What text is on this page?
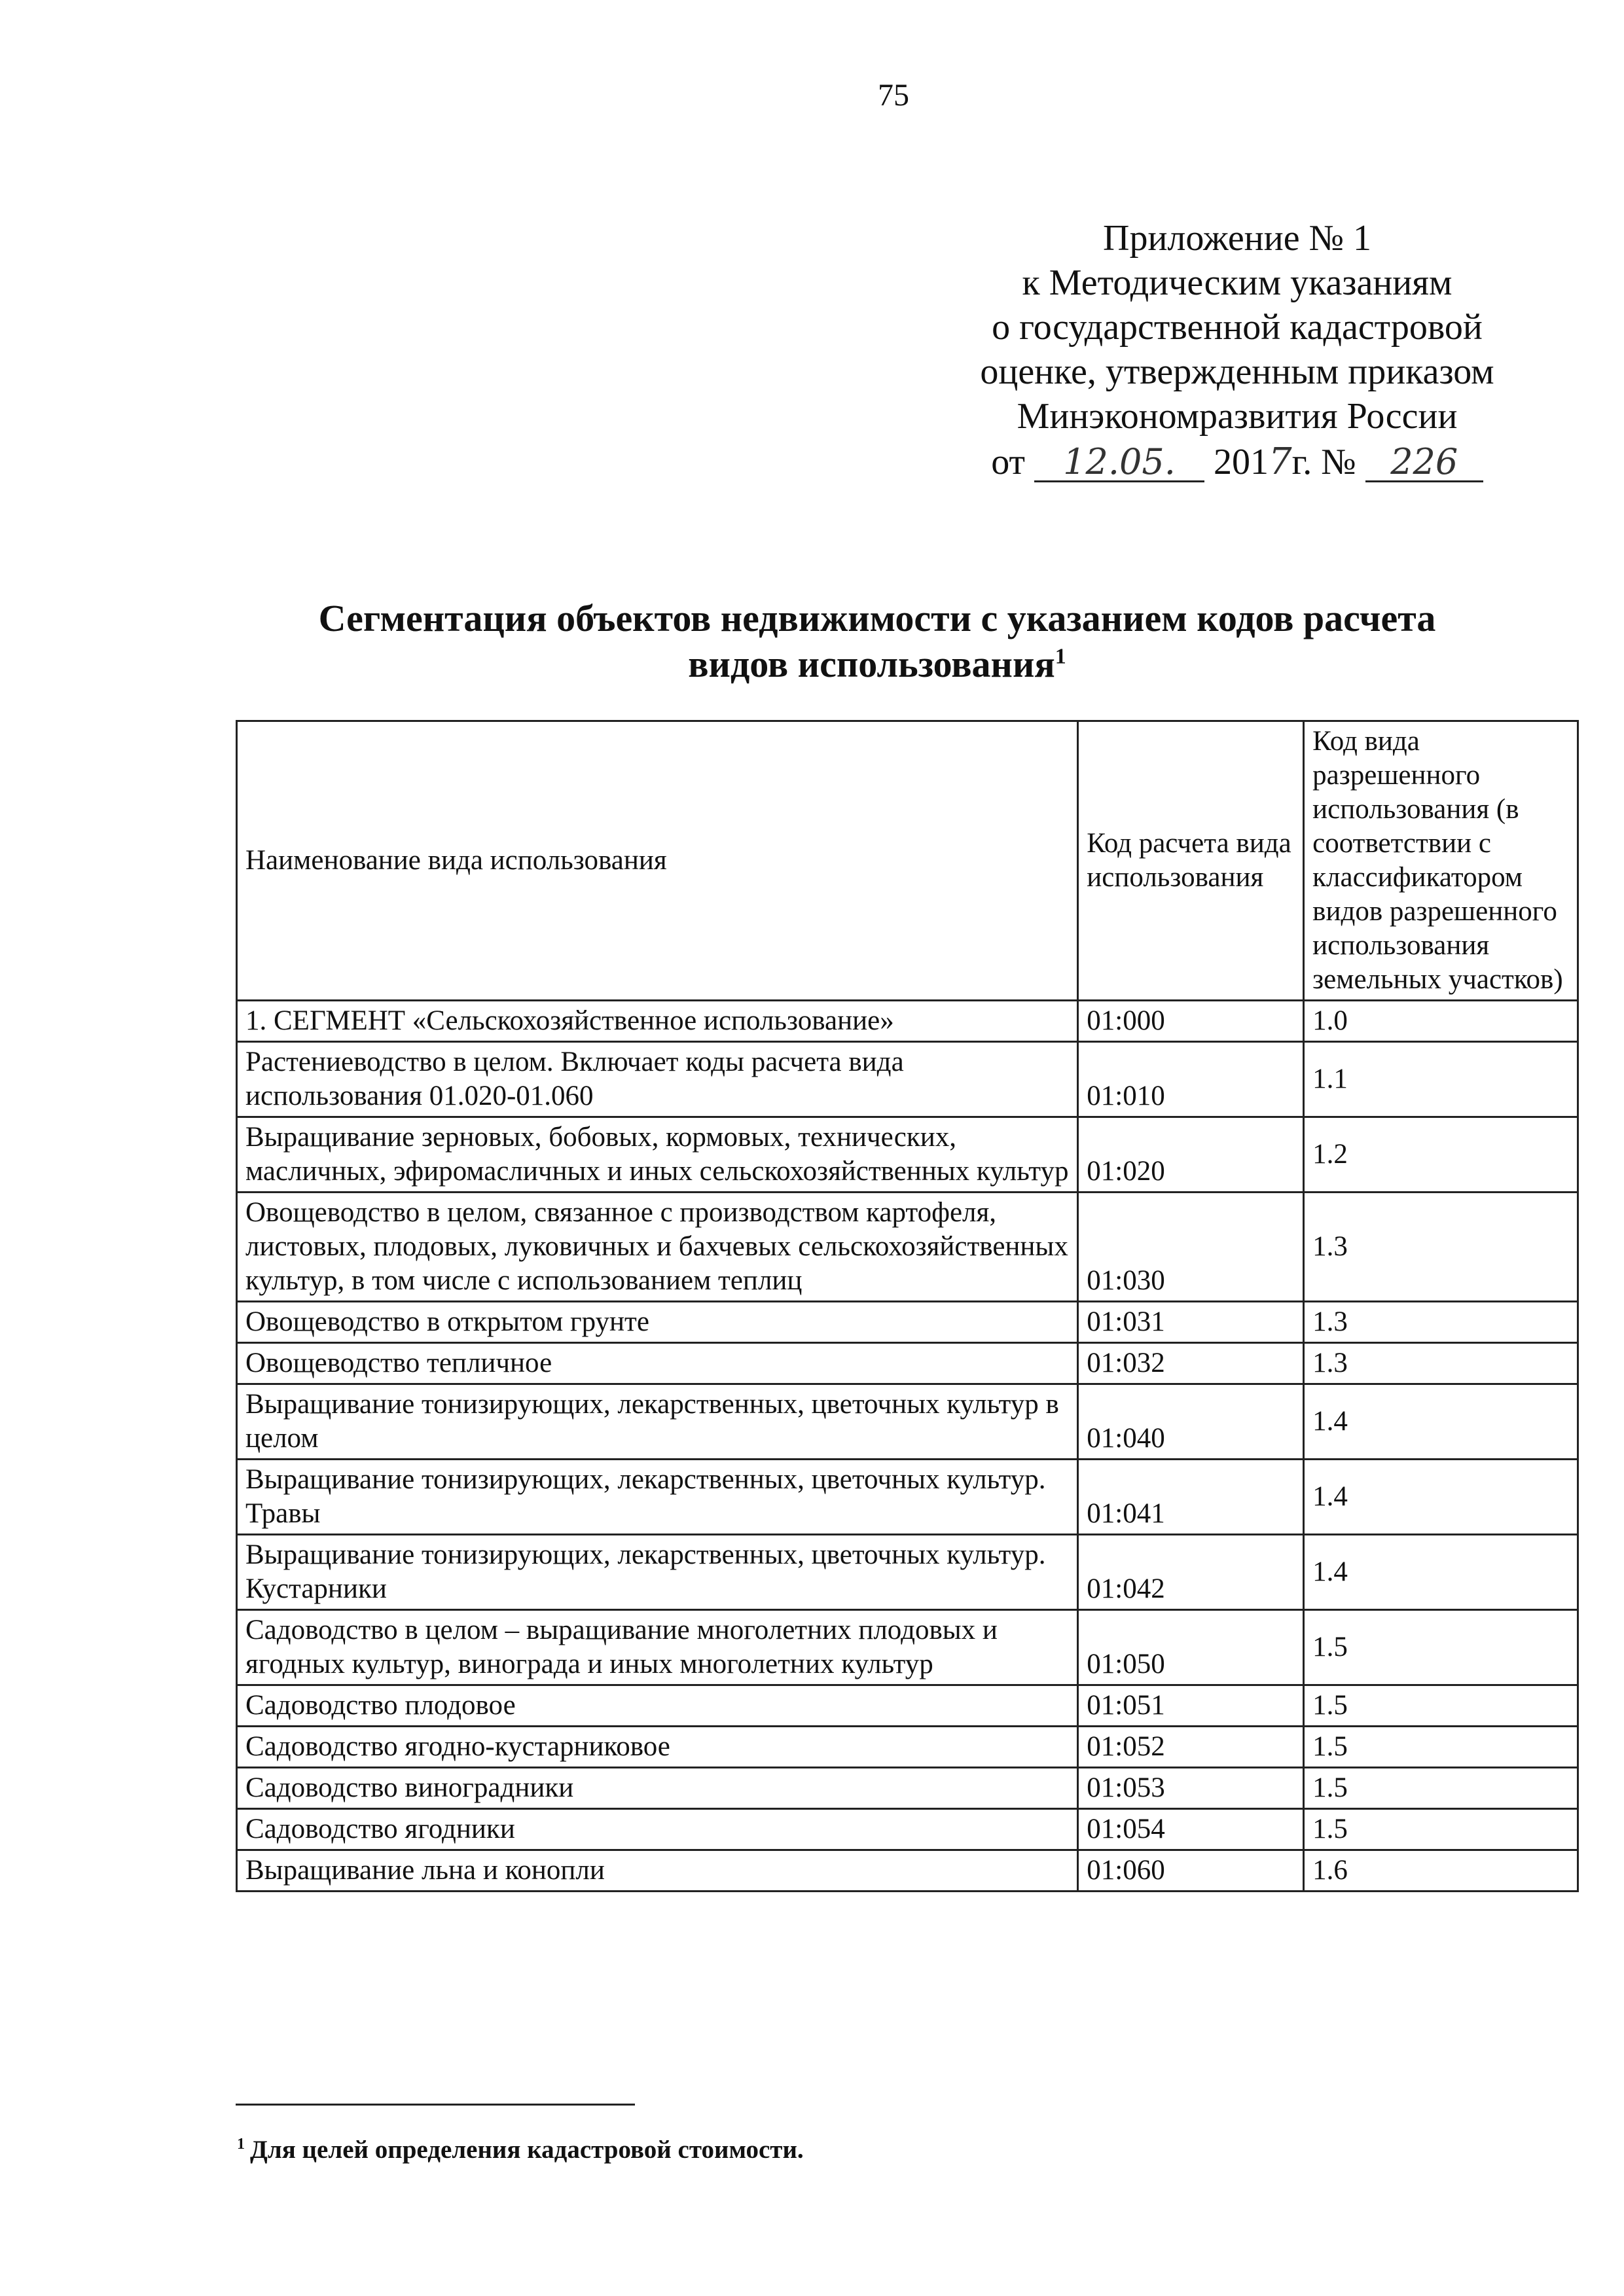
75
Приложение № 1
к Методическим указаниям
о государственной кадастровой
оценке, утвержденным приказом
Минэкономразвития России
от 12.05. 2017г. № 226
Сегментация объектов недвижимости с указанием кодов расчета
видов использования$^1$
Наименование вида использования	Код расчета вида использования	Код вида разрешенного использования (в соответствии с классификатором видов разрешенного использования земельных участков)
1. СЕГМЕНТ «Сельскохозяйственное использование»	01:000	1.0
Растениеводство в целом. Включает коды расчета вида использования 01.020-01.060	01:010	1.1
Выращивание зерновых, бобовых, кормовых, технических, масличных, эфиромасличных и иных сельскохозяйственных культур	01:020	1.2
Овощеводство в целом, связанное с производством картофеля, листовых, плодовых, луковичных и бахчевых сельскохозяйственных культур, в том числе с использованием теплиц	01:030	1.3
Овощеводство в открытом грунте	01:031	1.3
Овощеводство тепличное	01:032	1.3
Выращивание тонизирующих, лекарственных, цветочных культур в целом	01:040	1.4
Выращивание тонизирующих, лекарственных, цветочных культур. Травы	01:041	1.4
Выращивание тонизирующих, лекарственных, цветочных культур. Кустарники	01:042	1.4
Садоводство в целом – выращивание многолетних плодовых и ягодных культур, винограда и иных многолетних культур	01:050	1.5
Садоводство плодовое	01:051	1.5
Садоводство ягодно-кустарниковое	01:052	1.5
Садоводство виноградники	01:053	1.5
Садоводство ягодники	01:054	1.5
Выращивание льна и конопли	01:060	1.6
$^1$ Для целей определения кадастровой стоимости.
